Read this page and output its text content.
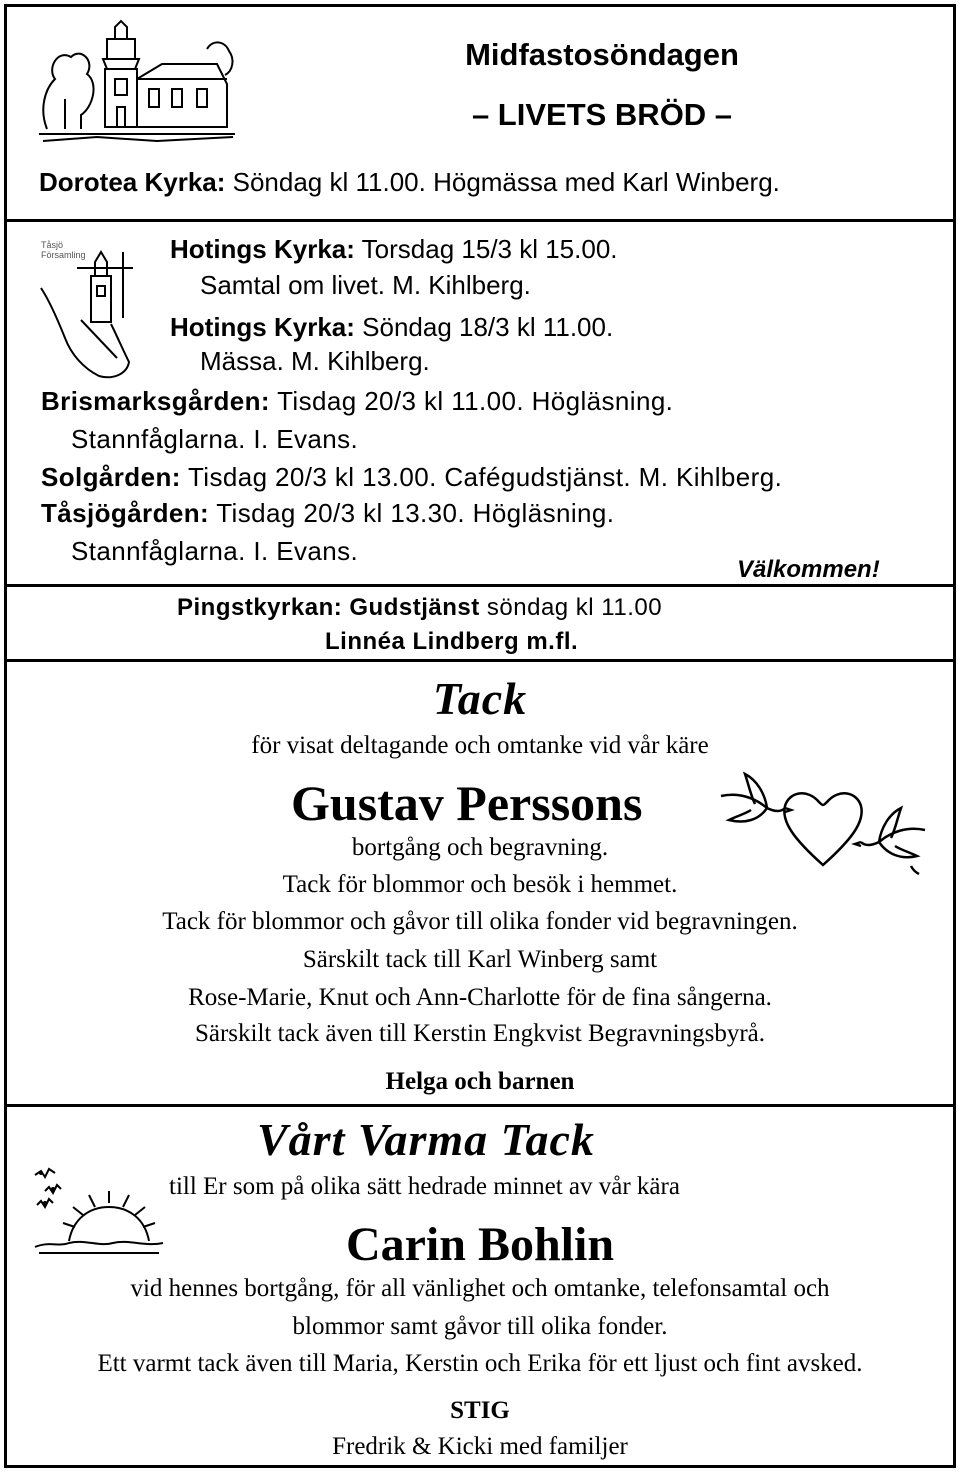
Midfastosöndagen
– LIVETS BRÖD –
Dorotea Kyrka: Söndag kl 11.00. Högmässa med Karl Winberg.
Tåsjö Församling	Hotings Kyrka: Torsdag 15/3 kl 15.00.
Samtal om livet. M. Kihlberg.
Hotings Kyrka: Söndag 18/3 kl 11.00.
Mässa. M. Kihlberg.
Brismarksgården: Tisdag 20/3 kl 11.00. Högläsning.
Stannfåglarna. I. Evans.
Solgården: Tisdag 20/3 kl 13.00. Cafégudstjänst. M. Kihlberg.
Tåsjögården: Tisdag 20/3 kl 13.30. Högläsning.
Stannfåglarna. I. Evans.
Välkommen!
Pingstkyrkan: Gudstjänst söndag kl 11.00
Linnéa Lindberg m.fl.
Tack
för visat deltagande och omtanke vid vår käre
Gustav Perssons
bortgång och begravning.
Tack för blommor och besök i hemmet.
Tack för blommor och gåvor till olika fonder vid begravningen.
Särskilt tack till Karl Winberg samt
Rose-Marie, Knut och Ann-Charlotte för de fina sångerna.
Särskilt tack även till Kerstin Engkvist Begravningsbyrå.
Helga och barnen
Vårt Varma Tack
till Er som på olika sätt hedrade minnet av vår kära
Carin Bohlin
vid hennes bortgång, för all vänlighet och omtanke, telefonsamtal och
blommor samt gåvor till olika fonder.
Ett varmt tack även till Maria, Kerstin och Erika för ett ljust och fint avsked.
STIG
Fredrik & Kicki med familjer
